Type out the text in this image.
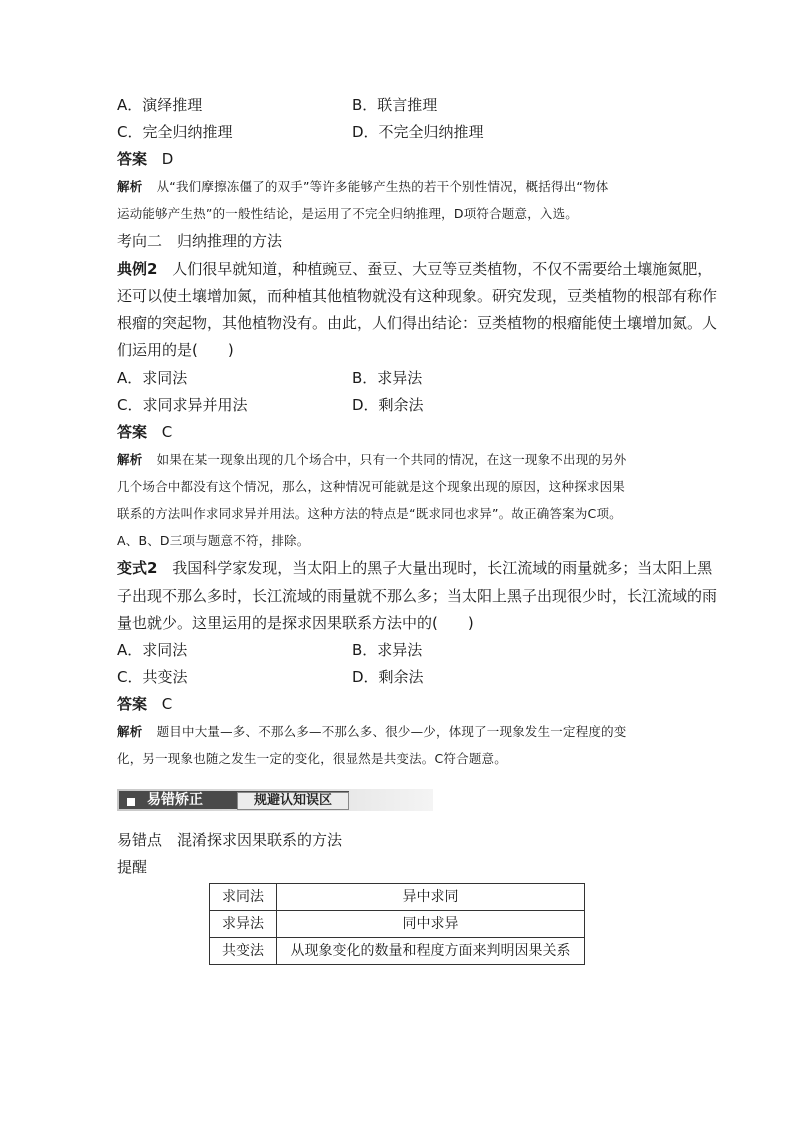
A．演绎推理	B．联言推理
C．完全归纳推理	D．不完全归纳推理
答案 D
解析 从“我们摩擦冻僵了的双手”等许多能够产生热的若干个别性情况，概括得出“物体
运动能够产生热”的一般性结论，是运用了不完全归纳推理，D项符合题意，入选。
考向二　归纳推理的方法
典例2 人们很早就知道，种植豌豆、蚕豆、大豆等豆类植物，不仅不需要给土壤施氮肥，
还可以使土壤增加氮，而种植其他植物就没有这种现象。研究发现，豆类植物的根部有称作
根瘤的突起物，其他植物没有。由此，人们得出结论：豆类植物的根瘤能使土壤增加氮。人
们运用的是(　　)
A．求同法	B．求异法
C．求同求异并用法	D．剩余法
答案 C
解析 如果在某一现象出现的几个场合中，只有一个共同的情况，在这一现象不出现的另外
几个场合中都没有这个情况，那么，这种情况可能就是这个现象出现的原因，这种探求因果
联系的方法叫作求同求异并用法。这种方法的特点是“既求同也求异”。故正确答案为C项。
A、B、D三项与题意不符，排除。
变式2 我国科学家发现，当太阳上的黑子大量出现时，长江流域的雨量就多；当太阳上黑
子出现不那么多时，长江流域的雨量就不那么多；当太阳上黑子出现很少时，长江流域的雨
量也就少。这里运用的是探求因果联系方法中的(　　)
A．求同法	B．求异法
C．共变法	D．剩余法
答案 C
解析 题目中大量—多、不那么多—不那么多、很少—少，体现了一现象发生一定程度的变
化，另一现象也随之发生一定的变化，很显然是共变法。C符合题意。
易错矫正	规避认知误区
易错点　混淆探求因果联系的方法
提醒
求同法	异中求同
求异法	同中求异
共变法	从现象变化的数量和程度方面来判明因果关系
